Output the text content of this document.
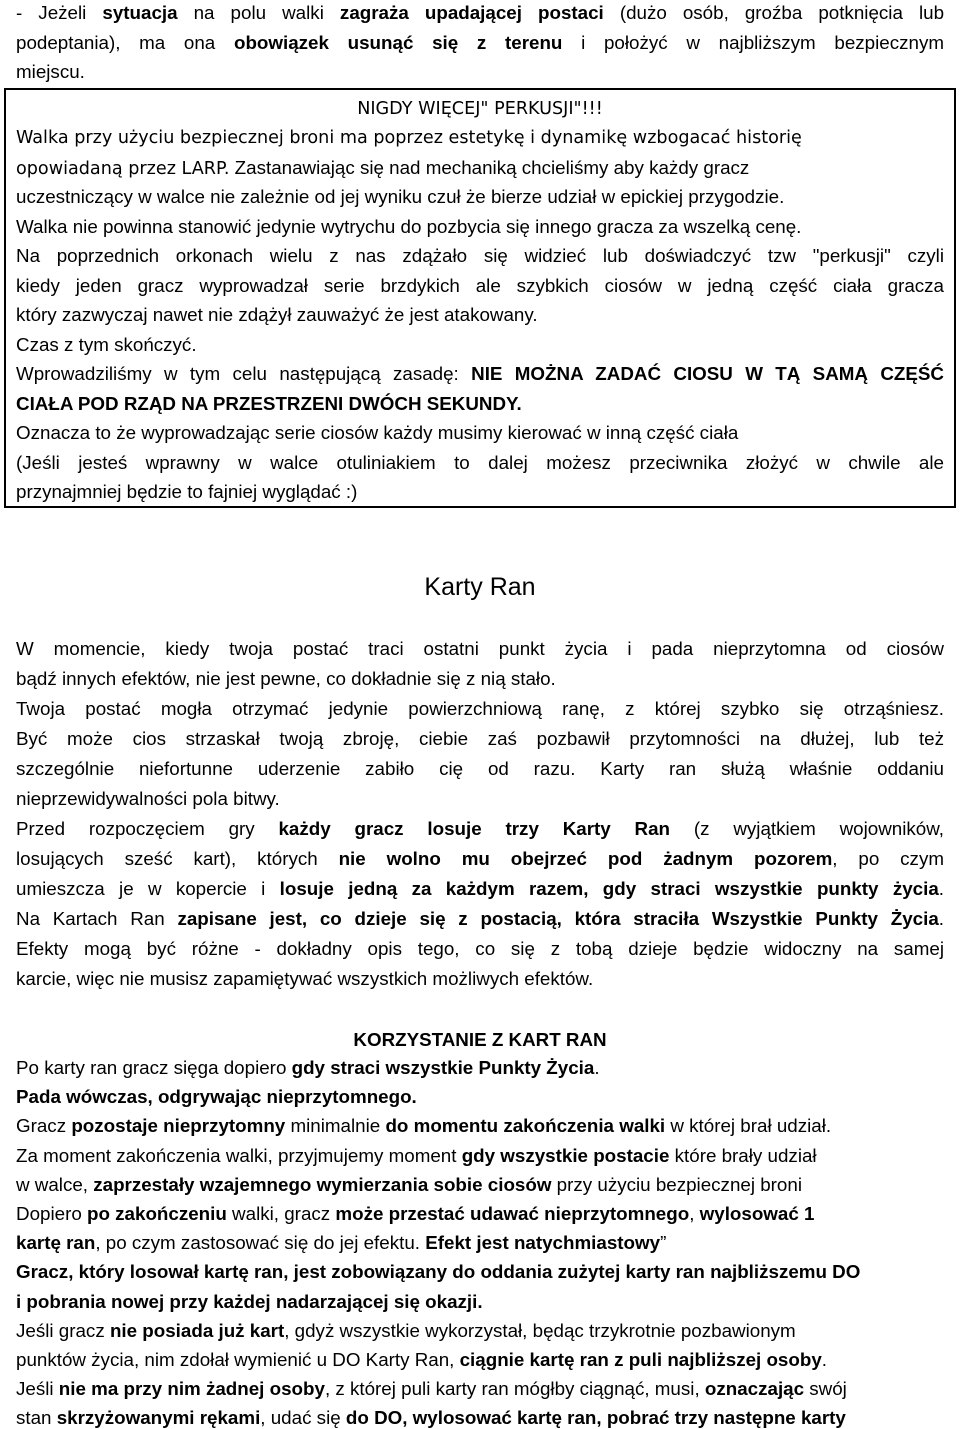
- Jeżeli sytuacja na polu walki zagraża upadającej postaci (dużo osób, groźba potknięcia lub
podeptania), ma ona obowiązek usunąć się z terenu i położyć w najbliższym bezpiecznym
miejscu.
NIGDY WIĘCEJ" PERKUSJI"!!!
Walka przy użyciu bezpiecznej broni ma poprzez estetykę i dynamikę wzbogacać historię
opowiadaną przez LARP. Zastanawiając się nad mechaniką chcieliśmy aby każdy gracz
uczestniczący w walce nie zależnie od jej wyniku czuł że bierze udział w epickiej przygodzie.
Walka nie powinna stanowić jedynie wytrychu do pozbycia się innego gracza za wszelką cenę.
Na poprzednich orkonach wielu z nas zdążało się widzieć lub doświadczyć tzw "perkusji" czyli
kiedy jeden gracz wyprowadzał serie brzdykich ale szybkich ciosów w jedną część ciała gracza
który zazwyczaj nawet nie zdążył zauważyć że jest atakowany.
Czas z tym skończyć.
Wprowadziliśmy w tym celu następującą zasadę: NIE MOŻNA ZADAĆ CIOSU W TĄ SAMĄ CZĘŚĆ
CIAŁA POD RZĄD NA PRZESTRZENI DWÓCH SEKUNDY.
Oznacza to że wyprowadzając serie ciosów każdy musimy kierować w inną część ciała
(Jeśli jesteś wprawny w walce otuliniakiem to dalej możesz przeciwnika złożyć w chwile ale
przynajmniej będzie to fajniej wyglądać :)
Karty Ran
W momencie, kiedy twoja postać traci ostatni punkt życia i pada nieprzytomna od ciosów
bądź innych efektów, nie jest pewne, co dokładnie się z nią stało.
Twoja postać mogła otrzymać jedynie powierzchniową ranę, z której szybko się otrząśniesz.
Być może cios strzaskał twoją zbroję, ciebie zaś pozbawił przytomności na dłużej, lub też
szczególnie niefortunne uderzenie zabiło cię od razu. Karty ran służą właśnie oddaniu
nieprzewidywalności pola bitwy.
Przed rozpoczęciem gry każdy gracz losuje trzy Karty Ran (z wyjątkiem wojowników,
losujących sześć kart), których nie wolno mu obejrzeć pod żadnym pozorem, po czym
umieszcza je w kopercie i losuje jedną za każdym razem, gdy straci wszystkie punkty życia.
Na Kartach Ran zapisane jest, co dzieje się z postacią, która straciła Wszystkie Punkty Życia.
Efekty mogą być różne - dokładny opis tego, co się z tobą dzieje będzie widoczny na samej
karcie, więc nie musisz zapamiętywać wszystkich możliwych efektów.
KORZYSTANIE Z KART RAN
Po karty ran gracz sięga dopiero gdy straci wszystkie Punkty Życia.
Pada wówczas, odgrywając nieprzytomnego.
Gracz pozostaje nieprzytomny minimalnie do momentu zakończenia walki w której brał udział.
Za moment zakończenia walki, przyjmujemy moment gdy wszystkie postacie które brały udział
w walce, zaprzestały wzajemnego wymierzania sobie ciosów przy użyciu bezpiecznej broni
Dopiero po zakończeniu walki, gracz może przestać udawać nieprzytomnego, wylosować 1
kartę ran, po czym zastosować się do jej efektu. Efekt jest natychmiastowy”
Gracz, który losował kartę ran, jest zobowiązany do oddania zużytej karty ran najbliższemu DO
i pobrania nowej przy każdej nadarzającej się okazji.
Jeśli gracz nie posiada już kart, gdyż wszystkie wykorzystał, będąc trzykrotnie pozbawionym
punktów życia, nim zdołał wymienić u DO Karty Ran, ciągnie kartę ran z puli najbliższej osoby.
Jeśli nie ma przy nim żadnej osoby, z której puli karty ran mógłby ciągnąć, musi, oznaczając swój
stan skrzyżowanymi rękami, udać się do DO, wylosować kartę ran, pobrać trzy następne karty
